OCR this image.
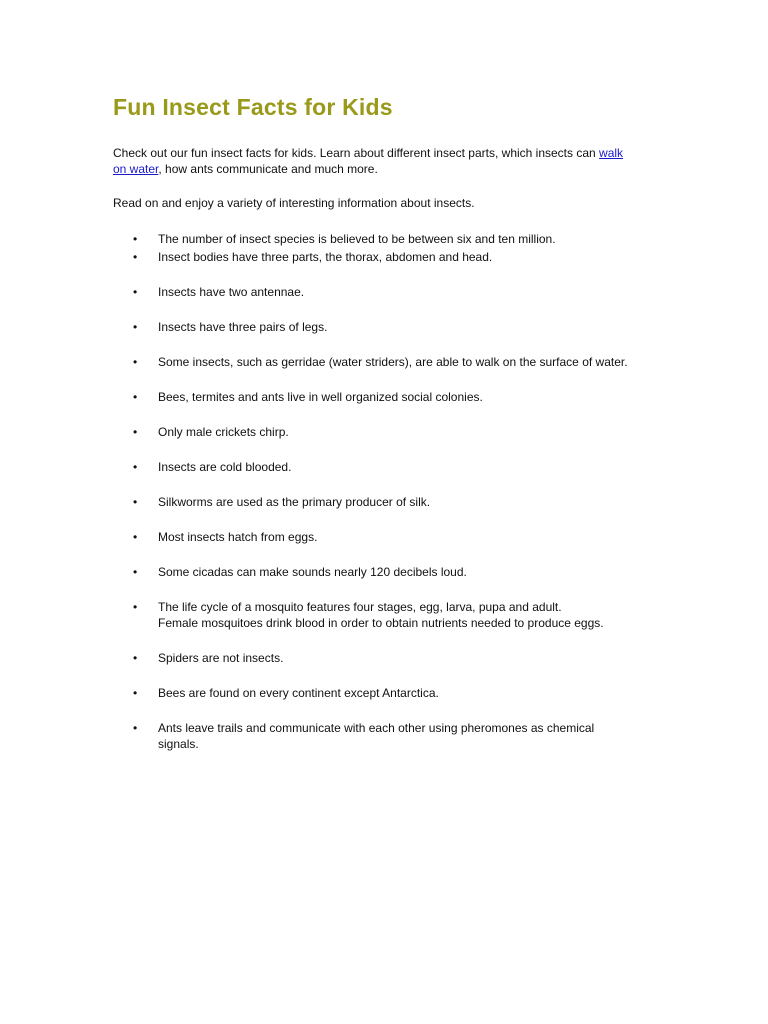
Fun Insect Facts for Kids

Check out our fun insect facts for kids. Learn about different insect parts, which insects can walk
on water, how ants communicate and much more.

Read on and enjoy a variety of interesting information about insects.

• The number of insect species is believed to be between six and ten million.
• Insect bodies have three parts, the thorax, abdomen and head.
• Insects have two antennae.
• Insects have three pairs of legs.
• Some insects, such as gerridae (water striders), are able to walk on the surface of water.
• Bees, termites and ants live in well organized social colonies.
• Only male crickets chirp.
• Insects are cold blooded.
• Silkworms are used as the primary producer of silk.
• Most insects hatch from eggs.
• Some cicadas can make sounds nearly 120 decibels loud.
• The life cycle of a mosquito features four stages, egg, larva, pupa and adult.
Female mosquitoes drink blood in order to obtain nutrients needed to produce eggs.
• Spiders are not insects.
• Bees are found on every continent except Antarctica.
• Ants leave trails and communicate with each other using pheromones as chemical
signals.
